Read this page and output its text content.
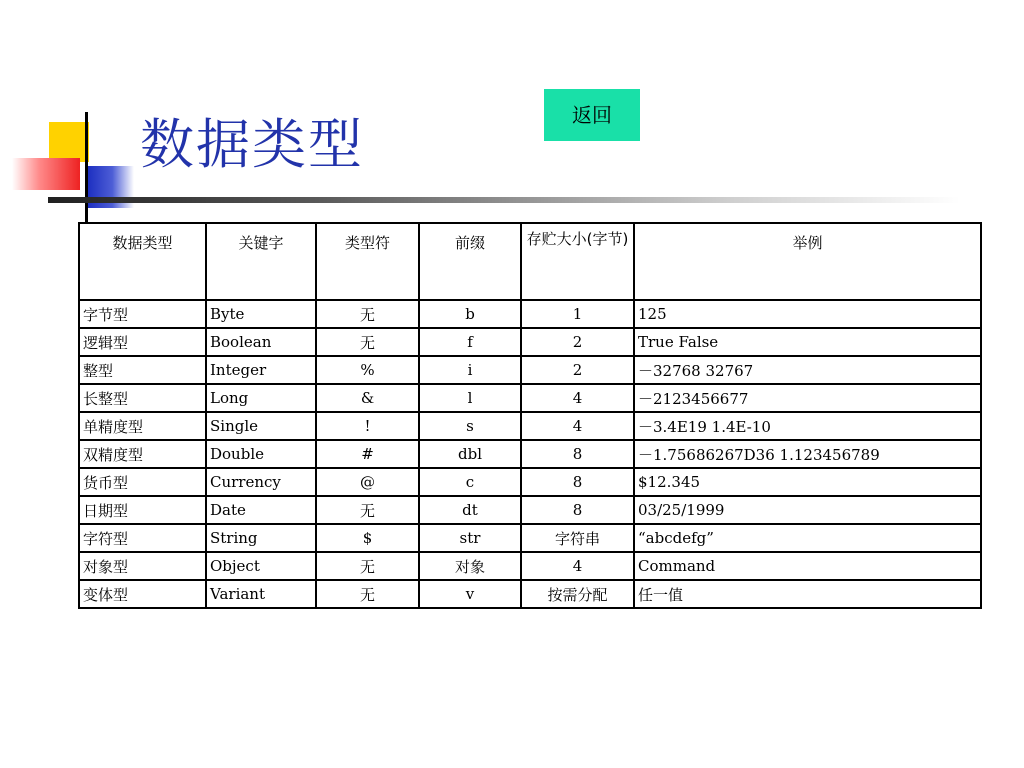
数据类型	返回
数据类型	关键字	类型符	前缀	存贮大小(字节)	举例
字节型	Byte	无	b	1	125
逻辑型	Boolean	无	f	2	True False
整型	Integer	%	i	2	－32768 32767
长整型	Long	&	l	4	－2123456677
单精度型	Single	!	s	4	－3.4E19 1.4E-10
双精度型	Double	#	dbl	8	－1.75686267D36 1.123456789
货币型	Currency	@	c	8	$12.345
日期型	Date	无	dt	8	03/25/1999
字符型	String	$	str	字符串	“abcdefg”
对象型	Object	无	对象	4	Command
变体型	Variant	无	v	按需分配	任一值
